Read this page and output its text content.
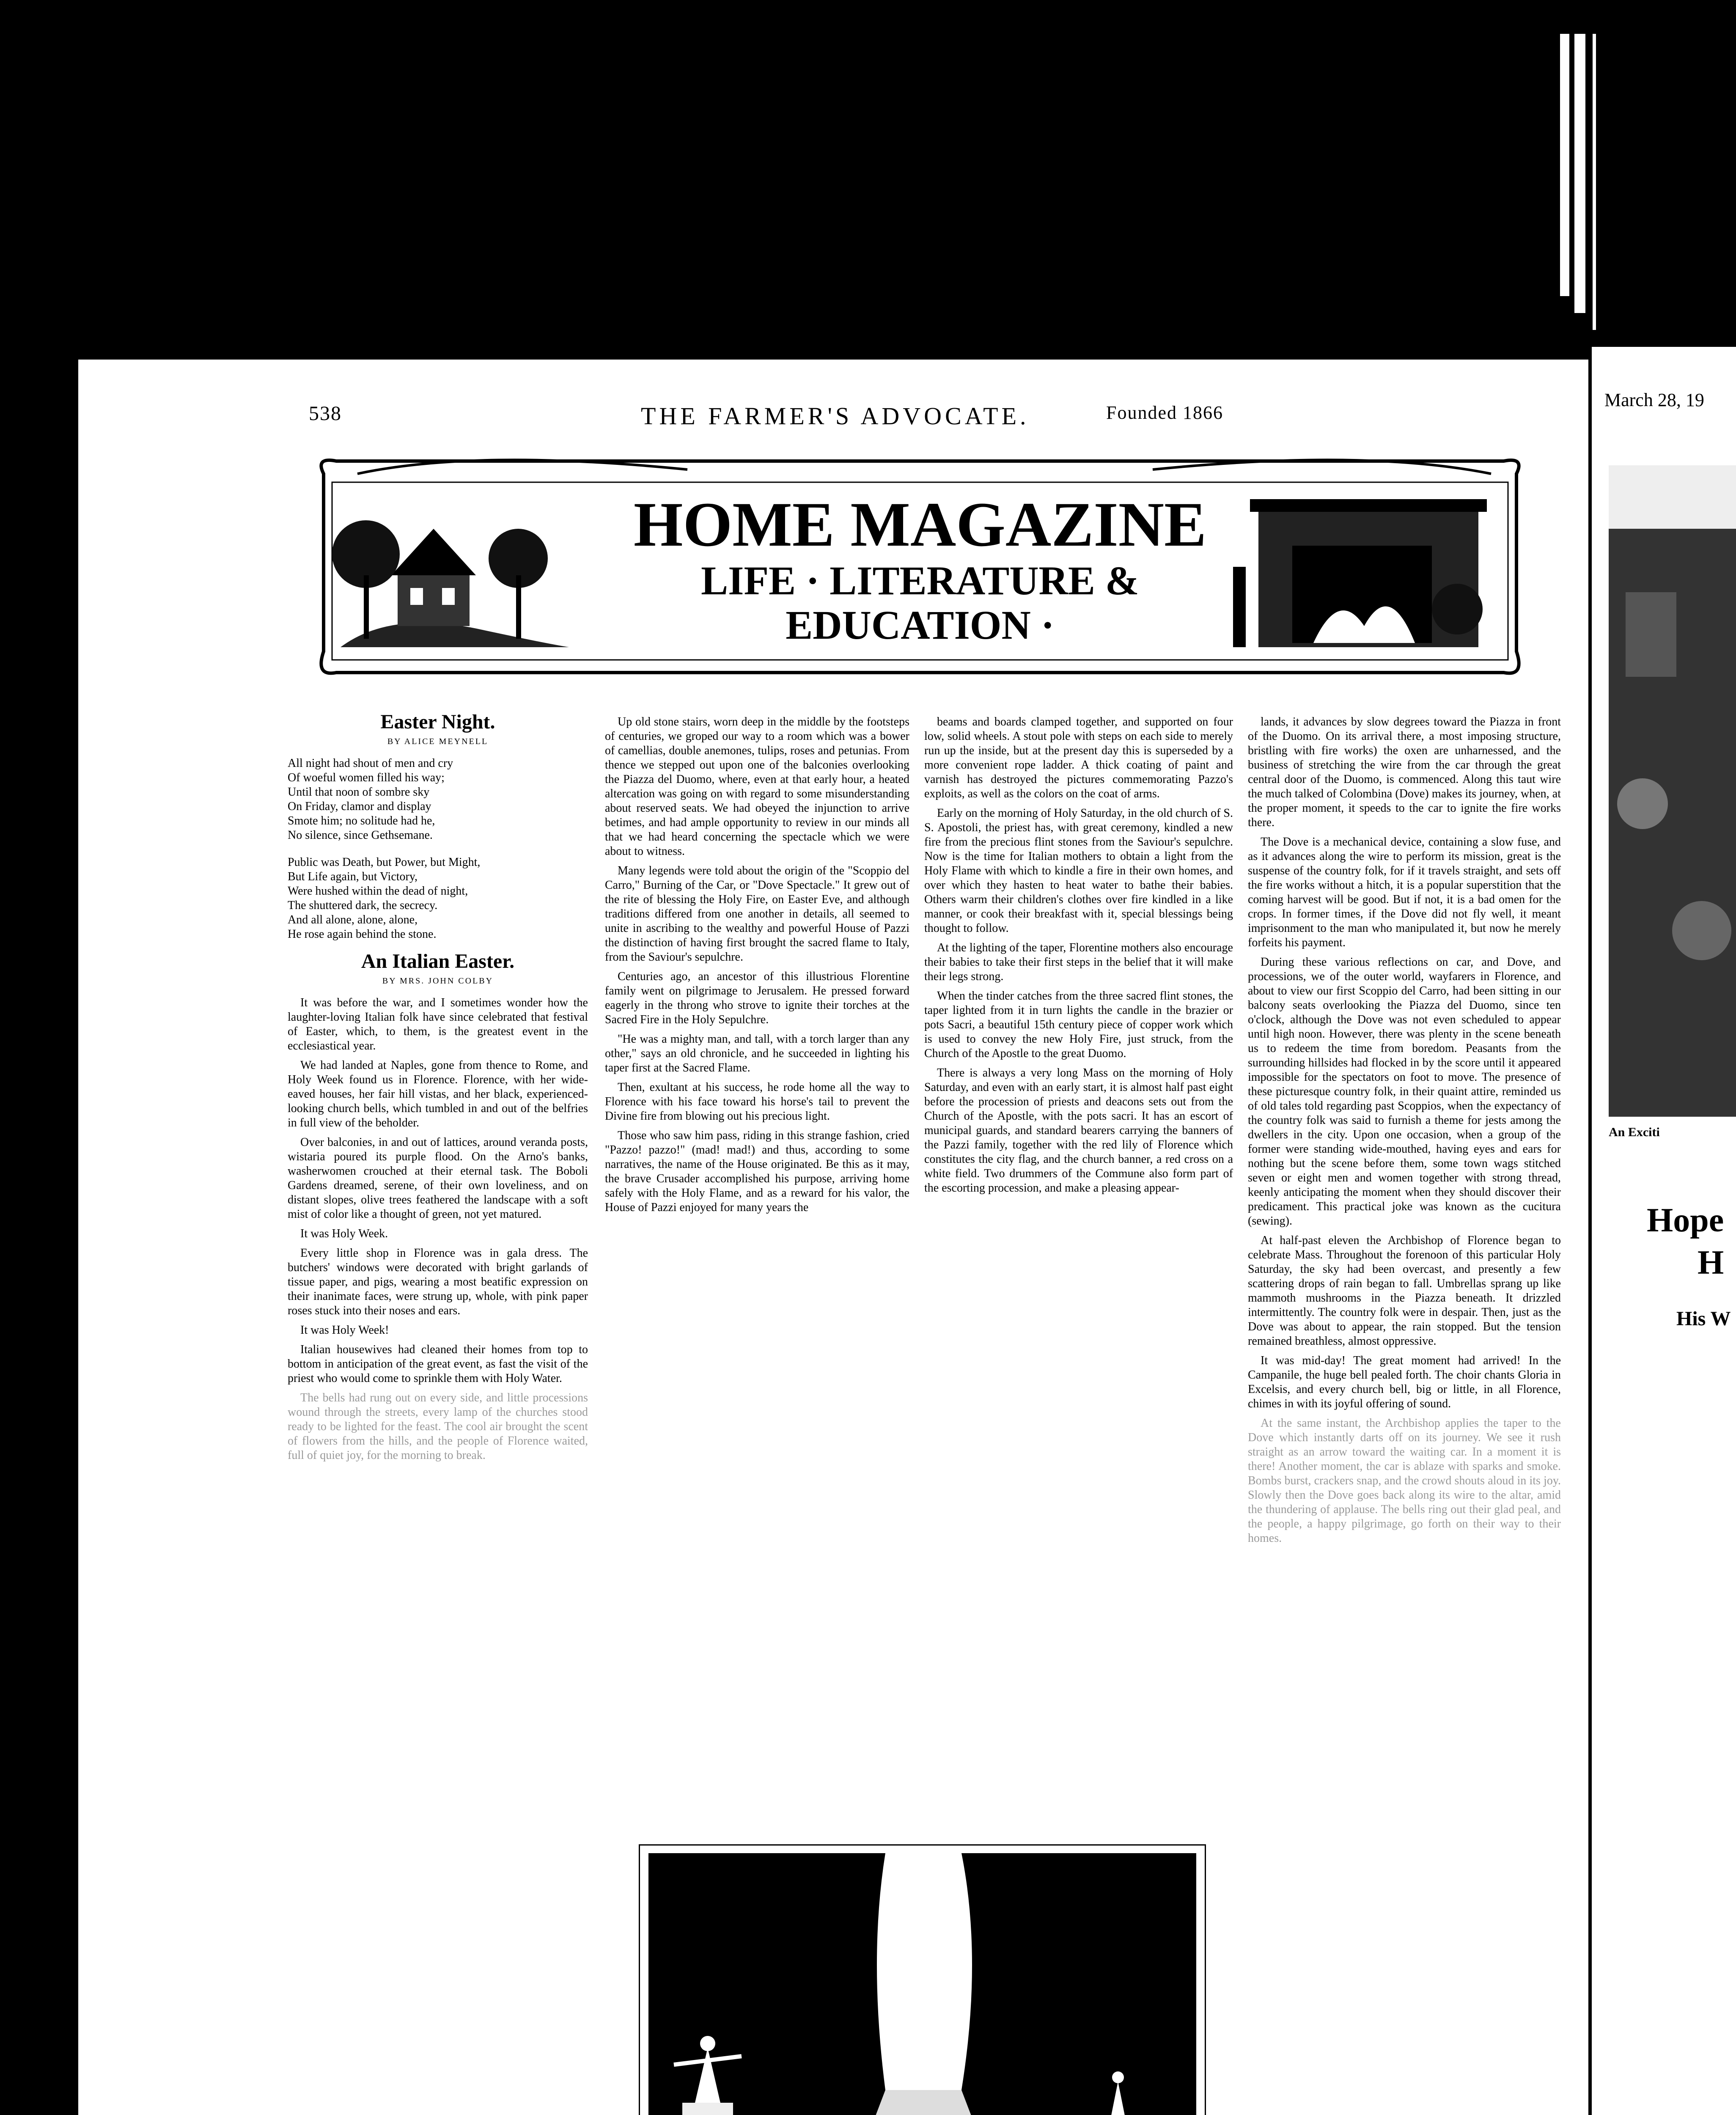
538	THE FARMER'S ADVOCATE.	Founded 1866
HOME MAGAZINE
LIFE · LITERATURE &
EDUCATION ·
Easter Night.
BY ALICE MEYNELL
All night had shout of men and cry
Of woeful women filled his way;
Until that noon of sombre sky
On Friday, clamor and display
Smote him; no solitude had he,
No silence, since Gethsemane.
Public was Death, but Power, but Might,
But Life again, but Victory,
Were hushed within the dead of night,
The shuttered dark, the secrecy.
And all alone, alone, alone,
He rose again behind the stone.
An Italian Easter.
BY MRS. JOHN COLBY

It was before the war, and I sometimes wonder how the laughter-loving Italian folk have since celebrated that festival of Easter, which, to them, is the greatest event in the ecclesiastical year.

We had landed at Naples, gone from thence to Rome, and Holy Week found us in Florence. Florence, with her wide-eaved houses, her fair hill vistas, and her black, experienced-looking church bells, which tumbled in and out of the belfries in full view of the beholder.

Over balconies, in and out of lattices, around veranda posts, wistaria poured its purple flood. On the Arno's banks, washerwomen crouched at their eternal task. The Boboli Gardens dreamed, serene, of their own loveliness, and on distant slopes, olive trees feathered the landscape with a soft mist of color like a thought of green, not yet matured.

It was Holy Week.

Every little shop in Florence was in gala dress. The butchers' windows were decorated with bright garlands of tissue paper, and pigs, wearing a most beatific expression on their inanimate faces, were strung up, whole, with pink paper roses stuck into their noses and ears.

It was Holy Week!

Italian housewives had cleaned their homes from top to bottom in anticipation of the great event, as fast the visit of the priest who would come to sprinkle them with Holy Water.

The bells had rung out on every side, and little processions wound through the streets, every lamp of the churches stood ready to be lighted for the feast. The cool air brought the scent of flowers from the hills, and the people of Florence waited, full of quiet joy, for the morning to break.

Up old stone stairs, worn deep in the middle by the footsteps of centuries, we groped our way to a room which was a bower of camellias, double anemones, tulips, roses and petunias. From thence we stepped out upon one of the balconies overlooking the Piazza del Duomo, where, even at that early hour, a heated altercation was going on with regard to some misunderstanding about reserved seats. We had obeyed the injunction to arrive betimes, and had ample opportunity to review in our minds all that we had heard concerning the spectacle which we were about to witness.

Many legends were told about the origin of the "Scoppio del Carro," Burning of the Car, or "Dove Spectacle." It grew out of the rite of blessing the Holy Fire, on Easter Eve, and although traditions differed from one another in details, all seemed to unite in ascribing to the wealthy and powerful House of Pazzi the distinction of having first brought the sacred flame to Italy, from the Saviour's sepulchre.

Centuries ago, an ancestor of this illustrious Florentine family went on pilgrimage to Jerusalem. He pressed forward eagerly in the throng who strove to ignite their torches at the Sacred Fire in the Holy Sepulchre.

"He was a mighty man, and tall, with a torch larger than any other," says an old chronicle, and he succeeded in lighting his taper first at the Sacred Flame.

Then, exultant at his success, he rode home all the way to Florence with his face toward his horse's tail to prevent the Divine fire from blowing out his precious light.

Those who saw him pass, riding in this strange fashion, cried "Pazzo! pazzo!" (mad! mad!) and thus, according to some narratives, the name of the House originated. Be this as it may, the brave Crusader accomplished his purpose, arriving home safely with the Holy Flame, and as a reward for his valor, the House of Pazzi enjoyed for many years the

beams and boards clamped together, and supported on four low, solid wheels. A stout pole with steps on each side to merely run up the inside, but at the present day this is superseded by a more convenient rope ladder. A thick coating of paint and varnish has destroyed the pictures commemorating Pazzo's exploits, as well as the colors on the coat of arms.

Early on the morning of Holy Saturday, in the old church of S. S. Apostoli, the priest has, with great ceremony, kindled a new fire from the precious flint stones from the Saviour's sepulchre. Now is the time for Italian mothers to obtain a light from the Holy Flame with which to kindle a fire in their own homes, and over which they hasten to heat water to bathe their babies. Others warm their children's clothes over fire kindled in a like manner, or cook their breakfast with it, special blessings being thought to follow.

At the lighting of the taper, Florentine mothers also encourage their babies to take their first steps in the belief that it will make their legs strong.

When the tinder catches from the three sacred flint stones, the taper lighted from it in turn lights the candle in the brazier or pots Sacri, a beautiful 15th century piece of copper work which is used to convey the new Holy Fire, just struck, from the Church of the Apostle to the great Duomo.

There is always a very long Mass on the morning of Holy Saturday, and even with an early start, it is almost half past eight before the procession of priests and deacons sets out from the Church of the Apostle, with the pots sacri. It has an escort of municipal guards, and standard bearers carrying the banners of the Pazzi family, together with the red lily of Florence which constitutes the city flag, and the church banner, a red cross on a white field. Two drummers of the Commune also form part of the escorting procession, and make a pleasing appear-

lands, it advances by slow degrees toward the Piazza in front of the Duomo. On its arrival there, a most imposing structure, bristling with fire works) the oxen are unharnessed, and the business of stretching the wire from the car through the great central door of the Duomo, is commenced. Along this taut wire the much talked of Colombina (Dove) makes its journey, when, at the proper moment, it speeds to the car to ignite the fire works there.

The Dove is a mechanical device, containing a slow fuse, and as it advances along the wire to perform its mission, great is the suspense of the country folk, for if it travels straight, and sets off the fire works without a hitch, it is a popular superstition that the coming harvest will be good. But if not, it is a bad omen for the crops. In former times, if the Dove did not fly well, it meant imprisonment to the man who manipulated it, but now he merely forfeits his payment.

During these various reflections on car, and Dove, and processions, we of the outer world, wayfarers in Florence, and about to view our first Scoppio del Carro, had been sitting in our balcony seats overlooking the Piazza del Duomo, since ten o'clock, although the Dove was not even scheduled to appear until high noon. However, there was plenty in the scene beneath us to redeem the time from boredom. Peasants from the surrounding hillsides had flocked in by the score until it appeared impossible for the spectators on foot to move. The presence of these picturesque country folk, in their quaint attire, reminded us of old tales told regarding past Scoppios, when the expectancy of the country folk was said to furnish a theme for jests among the dwellers in the city. Upon one occasion, when a group of the former were standing wide-mouthed, having eyes and ears for nothing but the scene before them, some town wags stitched seven or eight men and women together with strong thread, keenly anticipating the moment when they should discover their predicament. This practical joke was known as the cucitura (sewing).

At half-past eleven the Archbishop of Florence began to celebrate Mass. Throughout the forenoon of this particular Holy Saturday, the sky had been overcast, and presently a few scattering drops of rain began to fall. Umbrellas sprang up like mammoth mushrooms in the Piazza beneath. It drizzled intermittently. The country folk were in despair. Then, just as the Dove was about to appear, the rain stopped. But the tension remained breathless, almost oppressive.

It was mid-day! The great moment had arrived! In the Campanile, the huge bell pealed forth. The choir chants Gloria in Excelsis, and every church bell, big or little, in all Florence, chimes in with its joyful offering of sound.

At the same instant, the Archbishop applies the taper to the Dove which instantly darts off on its journey. We see it rush straight as an arrow toward the waiting car. In a moment it is there! Another moment, the car is ablaze with sparks and smoke. Bombs burst, crackers snap, and the crowd shouts aloud in its joy. Slowly then the Dove goes back along its wire to the altar, amid the thundering of applause. The bells ring out their glad peal, and the people, a happy pilgrimage, go forth on their way to their homes.

March 28, 19
An Exciti
Hope
H
His W
